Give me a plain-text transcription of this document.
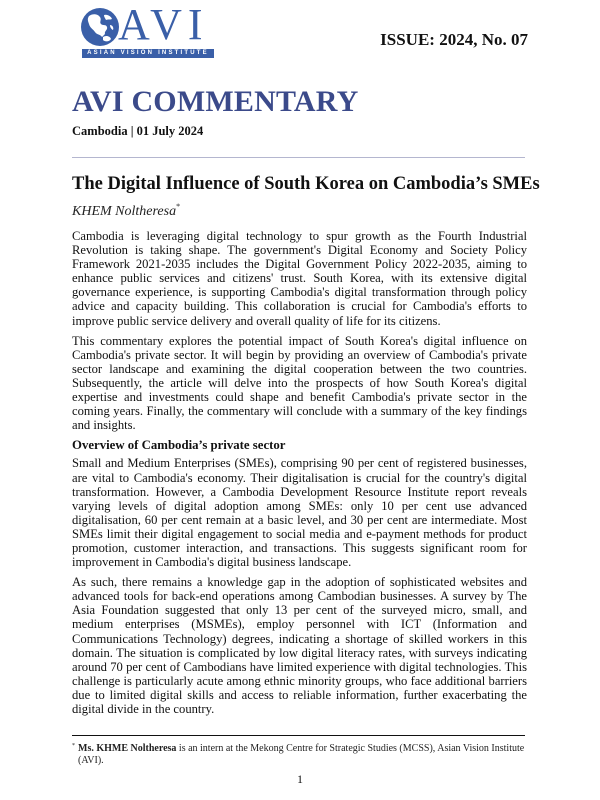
AVI
ASIAN VISION INSTITUTE
ISSUE: 2024, No. 07
AVI COMMENTARY
Cambodia | 01 July 2024
The Digital Influence of South Korea on Cambodia’s SMEs
KHEM Noltheresa*

Cambodia is leveraging digital technology to spur growth as the Fourth Industrial Revolution is taking shape. The government's Digital Economy and Society Policy Framework 2021-2035 includes the Digital Government Policy 2022-2035, aiming to enhance public services and citizens' trust. South Korea, with its extensive digital governance experience, is supporting Cambodia's digital transformation through policy advice and capacity building. This collaboration is crucial for Cambodia's efforts to improve public service delivery and overall quality of life for its citizens.

This commentary explores the potential impact of South Korea's digital influence on Cambodia's private sector. It will begin by providing an overview of Cambodia's private sector landscape and examining the digital cooperation between the two countries. Subsequently, the article will delve into the prospects of how South Korea's digital expertise and investments could shape and benefit Cambodia's private sector in the coming years. Finally, the commentary will conclude with a summary of the key findings and insights.

Overview of Cambodia’s private sector

Small and Medium Enterprises (SMEs), comprising 90 per cent of registered businesses, are vital to Cambodia's economy. Their digitalisation is crucial for the country's digital transformation. However, a Cambodia Development Resource Institute report reveals varying levels of digital adoption among SMEs: only 10 per cent use advanced digitalisation, 60 per cent remain at a basic level, and 30 per cent are intermediate. Most SMEs limit their digital engagement to social media and e-payment methods for product promotion, customer interaction, and transactions. This suggests significant room for improvement in Cambodia's digital business landscape.

As such, there remains a knowledge gap in the adoption of sophisticated websites and advanced tools for back-end operations among Cambodian businesses. A survey by The Asia Foundation suggested that only 13 per cent of the surveyed micro, small, and medium enterprises (MSMEs), employ personnel with ICT (Information and Communications Technology) degrees, indicating a shortage of skilled workers in this domain. The situation is complicated by low digital literacy rates, with surveys indicating around 70 per cent of Cambodians have limited experience with digital technologies. This challenge is particularly acute among ethnic minority groups, who face additional barriers due to limited digital skills and access to reliable information, further exacerbating the digital divide in the country.

* Ms. KHME Noltheresa is an intern at the Mekong Centre for Strategic Studies (MCSS), Asian Vision Institute
(AVI).
1
